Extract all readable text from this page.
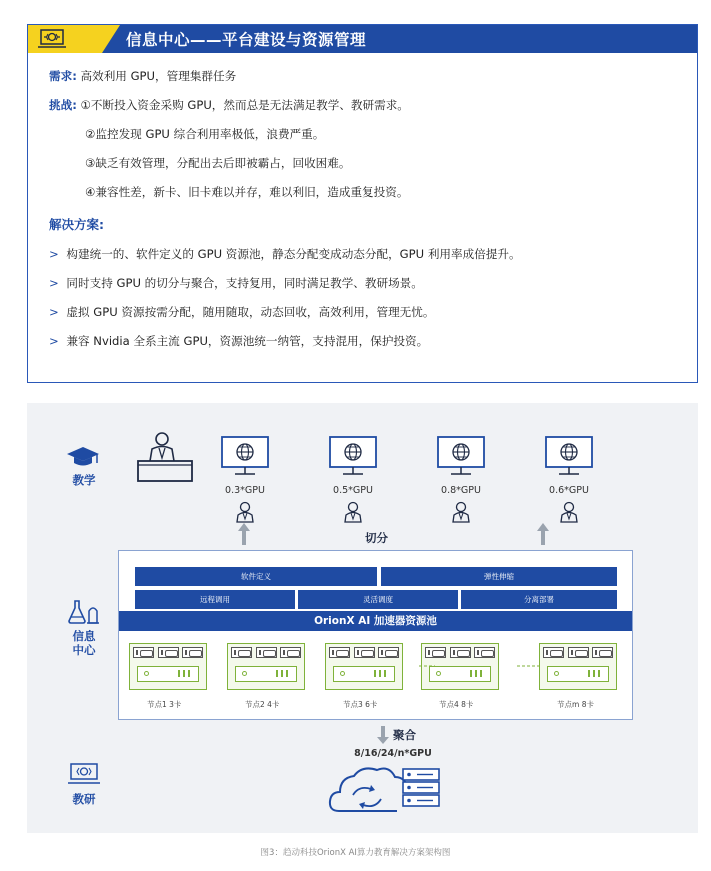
信息中心——平台建设与资源管理
需求: 高效利用 GPU，管理集群任务
挑战: ①不断投入资金采购 GPU，然而总是无法满足教学、教研需求。
②监控发现 GPU 综合利用率极低，浪费严重。
③缺乏有效管理，分配出去后即被霸占，回收困难。
④兼容性差，新卡、旧卡难以并存，难以利旧，造成重复投资。
解决方案:
> 构建统一的、软件定义的 GPU 资源池，静态分配变成动态分配，GPU 利用率成倍提升。
> 同时支持 GPU 的切分与聚合，支持复用，同时满足教学、教研场景。
> 虚拟 GPU 资源按需分配，随用随取，动态回收，高效利用，管理无忧。
> 兼容 Nvidia 全系主流 GPU，资源池统一纳管，支持混用，保护投资。
教学
0.3*GPU	0.5*GPU	0.8*GPU	0.6*GPU
切分
信息
中心
软件定义	弹性伸缩
远程调用	灵活调度	分离部署
OrionX AI 加速器资源池
节点1 3卡	节点2 4卡	节点3 6卡	节点4 8卡	节点m 8卡
聚合
8/16/24/n*GPU
教研
图3：趋动科技OrionX AI算力教育解决方案架构图
